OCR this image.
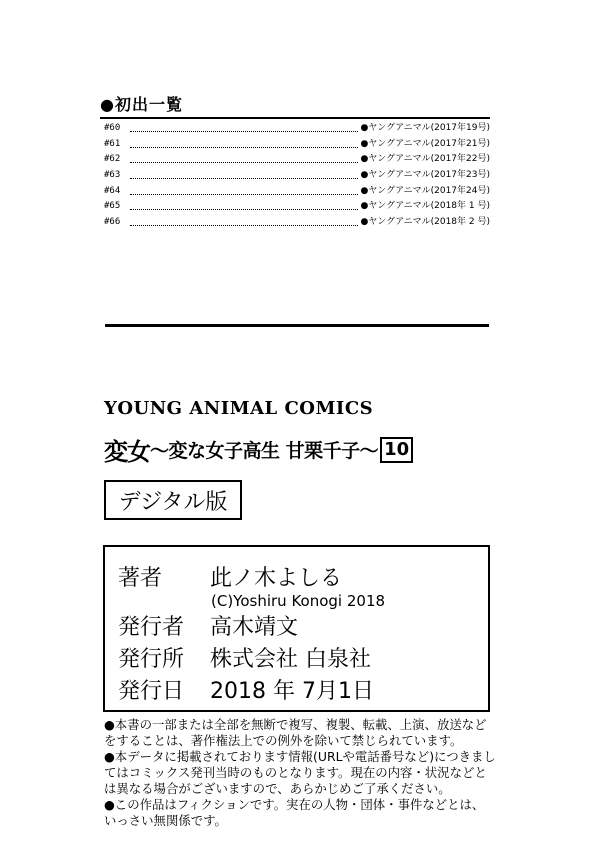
●初出一覧
#60	●ヤングアニマル(2017年19号)
#61	●ヤングアニマル(2017年21号)
#62	●ヤングアニマル(2017年22号)
#63	●ヤングアニマル(2017年23号)
#64	●ヤングアニマル(2017年24号)
#65	●ヤングアニマル(2018年 1 号)
#66	●ヤングアニマル(2018年 2 号)
YOUNG ANIMAL COMICS
変女 〜変な女子高生 甘栗千子〜 10
デジタル版
著者	此ノ木よしる
(C)Yoshiru Konogi 2018
発行者	高木靖文
発行所	株式会社 白泉社
発行日	2018 年 7月1日
●本書の一部または全部を無断で複写、複製、転載、上演、放送などをすることは、著作権法上での例外を除いて禁じられています。
●本データに掲載されております情報(URLや電話番号など)につきましてはコミックス発刊当時のものとなります。現在の内容・状況などとは異なる場合がございますので、あらかじめご了承ください。
●この作品はフィクションです。実在の人物・団体・事件などとは、いっさい無関係です。
